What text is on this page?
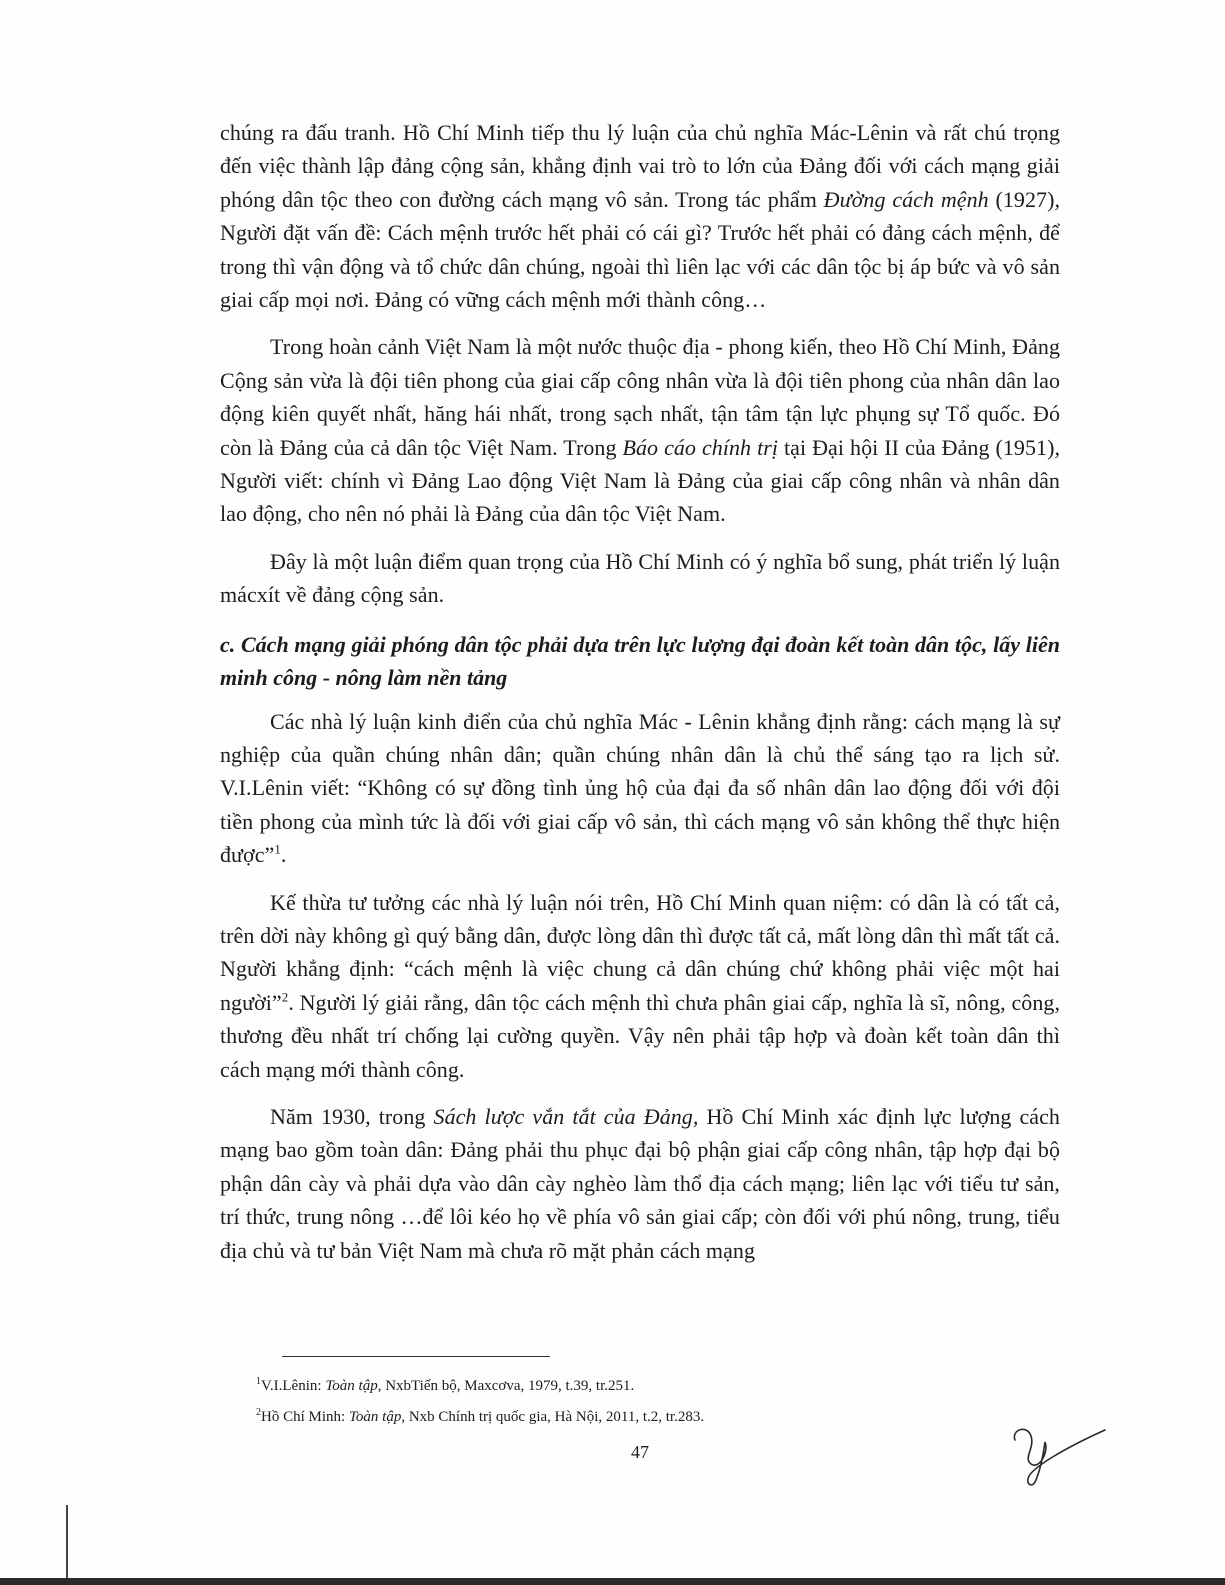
chúng ra đấu tranh. Hồ Chí Minh tiếp thu lý luận của chủ nghĩa Mác-Lênin và rất chú trọng đến việc thành lập đảng cộng sản, khẳng định vai trò to lớn của Đảng đối với cách mạng giải phóng dân tộc theo con đường cách mạng vô sản. Trong tác phẩm Đường cách mệnh (1927), Người đặt vấn đề: Cách mệnh trước hết phải có cái gì? Trước hết phải có đảng cách mệnh, để trong thì vận động và tổ chức dân chúng, ngoài thì liên lạc với các dân tộc bị áp bức và vô sản giai cấp mọi nơi. Đảng có vững cách mệnh mới thành công…

Trong hoàn cảnh Việt Nam là một nước thuộc địa - phong kiến, theo Hồ Chí Minh, Đảng Cộng sản vừa là đội tiên phong của giai cấp công nhân vừa là đội tiên phong của nhân dân lao động kiên quyết nhất, hăng hái nhất, trong sạch nhất, tận tâm tận lực phụng sự Tổ quốc. Đó còn là Đảng của cả dân tộc Việt Nam. Trong Báo cáo chính trị tại Đại hội II của Đảng (1951), Người viết: chính vì Đảng Lao động Việt Nam là Đảng của giai cấp công nhân và nhân dân lao động, cho nên nó phải là Đảng của dân tộc Việt Nam.

Đây là một luận điểm quan trọng của Hồ Chí Minh có ý nghĩa bổ sung, phát triển lý luận mácxít về đảng cộng sản.

c. Cách mạng giải phóng dân tộc phải dựa trên lực lượng đại đoàn kết toàn dân tộc, lấy liên minh công - nông làm nền tảng

Các nhà lý luận kinh điển của chủ nghĩa Mác - Lênin khẳng định rằng: cách mạng là sự nghiệp của quần chúng nhân dân; quần chúng nhân dân là chủ thể sáng tạo ra lịch sử. V.I.Lênin viết: “Không có sự đồng tình ủng hộ của đại đa số nhân dân lao động đối với đội tiền phong của mình tức là đối với giai cấp vô sản, thì cách mạng vô sản không thể thực hiện được”$^1$.

Kế thừa tư tưởng các nhà lý luận nói trên, Hồ Chí Minh quan niệm: có dân là có tất cả, trên dời này không gì quý bằng dân, được lòng dân thì được tất cả, mất lòng dân thì mất tất cả. Người khẳng định: “cách mệnh là việc chung cả dân chúng chứ không phải việc một hai người”$^2$. Người lý giải rằng, dân tộc cách mệnh thì chưa phân giai cấp, nghĩa là sĩ, nông, công, thương đều nhất trí chống lại cường quyền. Vậy nên phải tập hợp và đoàn kết toàn dân thì cách mạng mới thành công.

Năm 1930, trong Sách lược vắn tắt của Đảng, Hồ Chí Minh xác định lực lượng cách mạng bao gồm toàn dân: Đảng phải thu phục đại bộ phận giai cấp công nhân, tập hợp đại bộ phận dân cày và phải dựa vào dân cày nghèo làm thổ địa cách mạng; liên lạc với tiểu tư sản, trí thức, trung nông …để lôi kéo họ về phía vô sản giai cấp; còn đối với phú nông, trung, tiểu địa chủ và tư bản Việt Nam mà chưa rõ mặt phản cách mạng

$^1$V.I.Lênin: Toàn tập, NxbTiến bộ, Maxcơva, 1979, t.39, tr.251.

$^2$Hồ Chí Minh: Toàn tập, Nxb Chính trị quốc gia, Hà Nội, 2011, t.2, tr.283.

47
